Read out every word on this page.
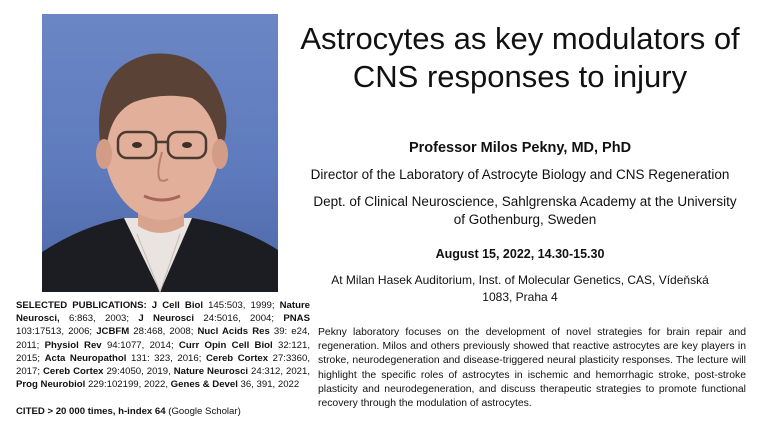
Astrocytes as key modulators of
CNS responses to injury
Professor Milos Pekny, MD, PhD
Director of the Laboratory of Astrocyte Biology and CNS Regeneration
Dept. of Clinical Neuroscience, Sahlgrenska Academy at the University of Gothenburg, Sweden
August 15, 2022, 14.30-15.30
At Milan Hasek Auditorium, Inst. of Molecular Genetics, CAS, Vídeňská 1083, Praha 4
SELECTED PUBLICATIONS: J Cell Biol 145:503, 1999; Nature Neurosci, 6:863, 2003; J Neurosci 24:5016, 2004; PNAS 103:17513, 2006; JCBFM 28:468, 2008; Nucl Acids Res 39: e24, 2011; Physiol Rev 94:1077, 2014; Curr Opin Cell Biol 32:121, 2015; Acta Neuropathol 131: 323, 2016; Cereb Cortex 27:3360, 2017; Cereb Cortex 29:4050, 2019, Nature Neurosci 24:312, 2021, Prog Neurobiol 229:102199, 2022, Genes & Devel 36, 391, 2022
CITED > 20 000 times, h-index 64 (Google Scholar)
Pekny laboratory focuses on the development of novel strategies for brain repair and regeneration. Milos and others previously showed that reactive astrocytes are key players in stroke, neurodegeneration and disease-triggered neural plasticity responses. The lecture will highlight the specific roles of astrocytes in ischemic and hemorrhagic stroke, post-stroke plasticity and neurodegeneration, and discuss therapeutic strategies to promote functional recovery through the modulation of astrocytes.
